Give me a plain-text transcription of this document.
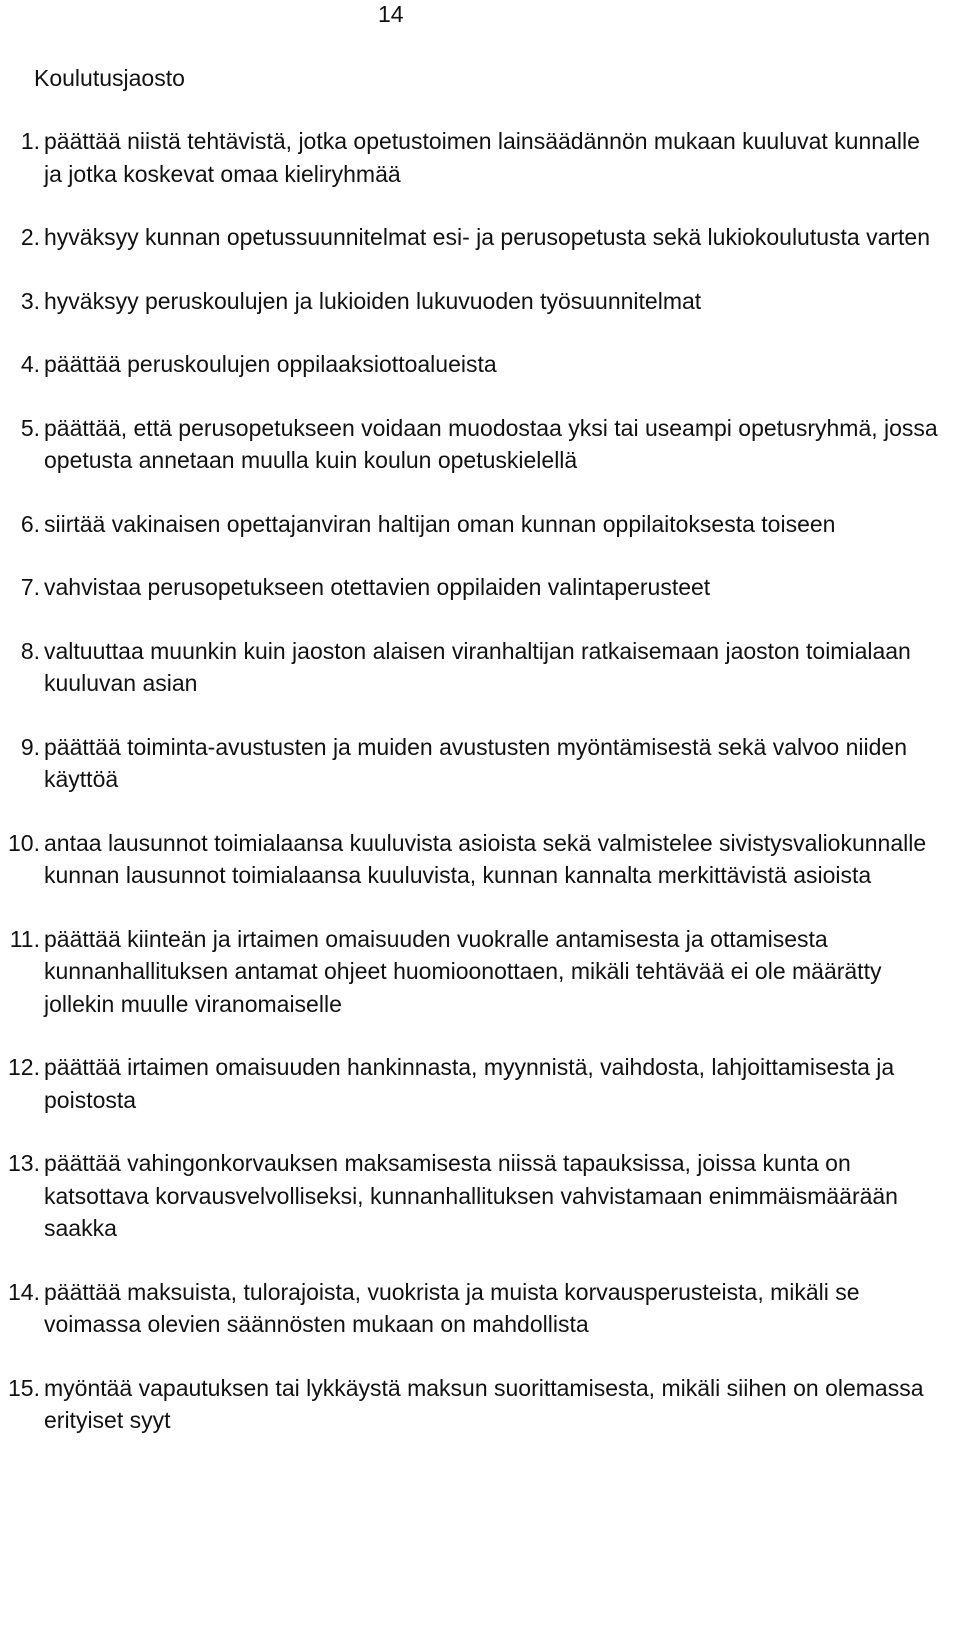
14
Koulutusjaosto
1. päättää niistä tehtävistä, jotka opetustoimen lainsäädännön mukaan kuuluvat kunnalle ja jotka koskevat omaa kieliryhmää
2. hyväksyy kunnan opetussuunnitelmat esi- ja perusopetusta sekä lukiokoulutusta varten
3. hyväksyy peruskoulujen ja lukioiden lukuvuoden työsuunnitelmat
4. päättää peruskoulujen oppilaaksiottoalueista
5. päättää, että perusopetukseen voidaan muodostaa yksi tai useampi opetusryhmä, jossa opetusta annetaan muulla kuin koulun opetuskielellä
6. siirtää vakinaisen opettajanviran haltijan oman kunnan oppilaitoksesta toiseen
7. vahvistaa perusopetukseen otettavien oppilaiden valintaperusteet
8. valtuuttaa muunkin kuin jaoston alaisen viranhaltijan ratkaisemaan jaoston toimialaan kuuluvan asian
9. päättää toiminta-avustusten ja muiden avustusten myöntämisestä sekä valvoo niiden käyttöä
10. antaa lausunnot toimialaansa kuuluvista asioista sekä valmistelee sivistysvaliokunnalle kunnan lausunnot toimialaansa kuuluvista, kunnan kannalta merkittävistä asioista
11. päättää kiinteän ja irtaimen omaisuuden vuokralle antamisesta ja ottamisesta kunnanhallituksen antamat ohjeet huomioonottaen, mikäli tehtävää ei ole määrätty jollekin muulle viranomaiselle
12. päättää irtaimen omaisuuden hankinnasta, myynnistä, vaihdosta, lahjoittamisesta ja poistosta
13. päättää vahingonkorvauksen maksamisesta niissä tapauksissa, joissa kunta on katsottava korvausvelvolliseksi, kunnanhallituksen vahvistamaan enimmäismäärään saakka
14. päättää maksuista, tulorajoista, vuokrista ja muista korvausperusteista, mikäli se voimassa olevien säännösten mukaan on mahdollista
15. myöntää vapautuksen tai lykkäystä maksun suorittamisesta, mikäli siihen on olemassa erityiset syyt
